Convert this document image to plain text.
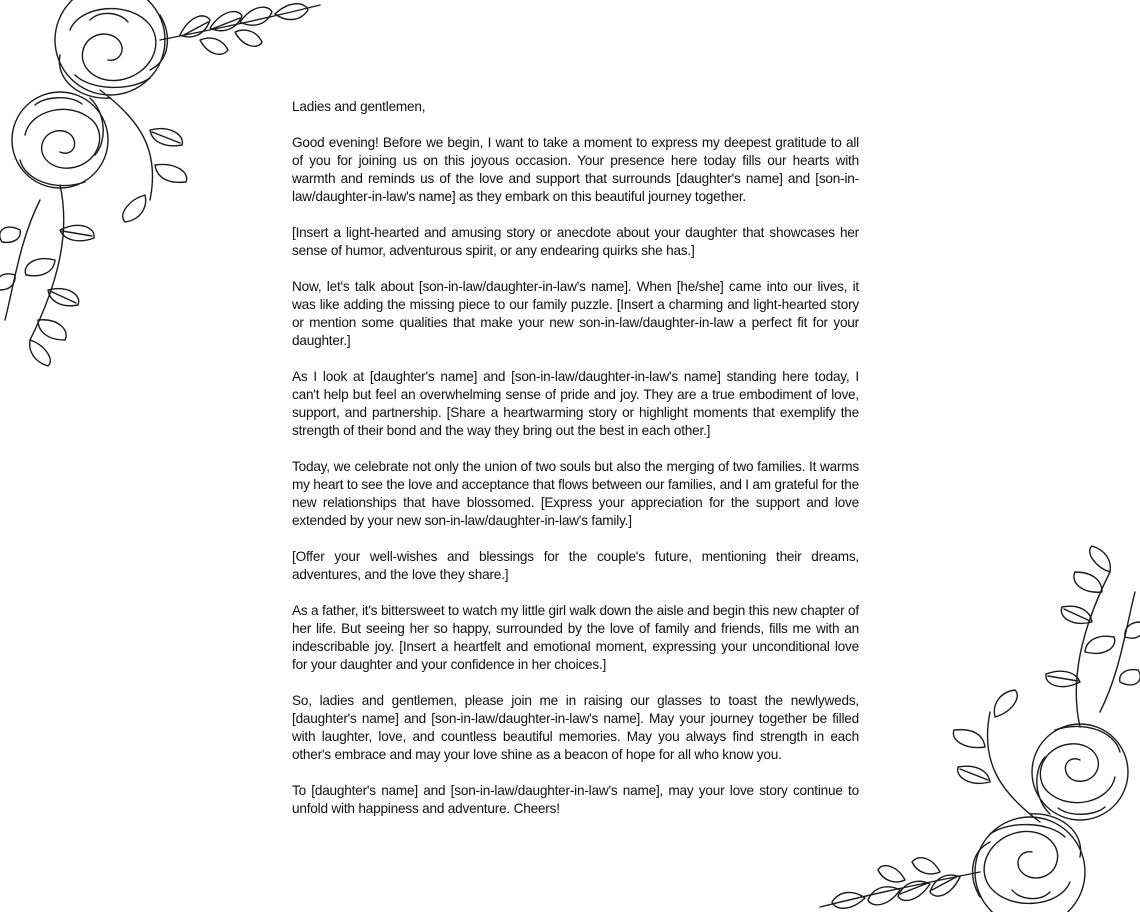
Ladies and gentlemen,

Good evening! Before we begin, I want to take a moment to express my deepest gratitude to all of you for joining us on this joyous occasion. Your presence here today fills our hearts with warmth and reminds us of the love and support that surrounds [daughter's name] and [son-in-law/daughter-in-law's name] as they embark on this beautiful journey together.

[Insert a light-hearted and amusing story or anecdote about your daughter that showcases her sense of humor, adventurous spirit, or any endearing quirks she has.]

Now, let's talk about [son-in-law/daughter-in-law's name]. When [he/she] came into our lives, it was like adding the missing piece to our family puzzle. [Insert a charming and light-hearted story or mention some qualities that make your new son-in-law/daughter-in-law a perfect fit for your daughter.]

As I look at [daughter's name] and [son-in-law/daughter-in-law's name] standing here today, I can't help but feel an overwhelming sense of pride and joy. They are a true embodiment of love, support, and partnership. [Share a heartwarming story or highlight moments that exemplify the strength of their bond and the way they bring out the best in each other.]

Today, we celebrate not only the union of two souls but also the merging of two families. It warms my heart to see the love and acceptance that flows between our families, and I am grateful for the new relationships that have blossomed. [Express your appreciation for the support and love extended by your new son-in-law/daughter-in-law's family.]

[Offer your well-wishes and blessings for the couple's future, mentioning their dreams, adventures, and the love they share.]

As a father, it's bittersweet to watch my little girl walk down the aisle and begin this new chapter of her life. But seeing her so happy, surrounded by the love of family and friends, fills me with an indescribable joy. [Insert a heartfelt and emotional moment, expressing your unconditional love for your daughter and your confidence in her choices.]

So, ladies and gentlemen, please join me in raising our glasses to toast the newlyweds, [daughter's name] and [son-in-law/daughter-in-law's name]. May your journey together be filled with laughter, love, and countless beautiful memories. May you always find strength in each other's embrace and may your love shine as a beacon of hope for all who know you.

To [daughter's name] and [son-in-law/daughter-in-law's name], may your love story continue to unfold with happiness and adventure. Cheers!
